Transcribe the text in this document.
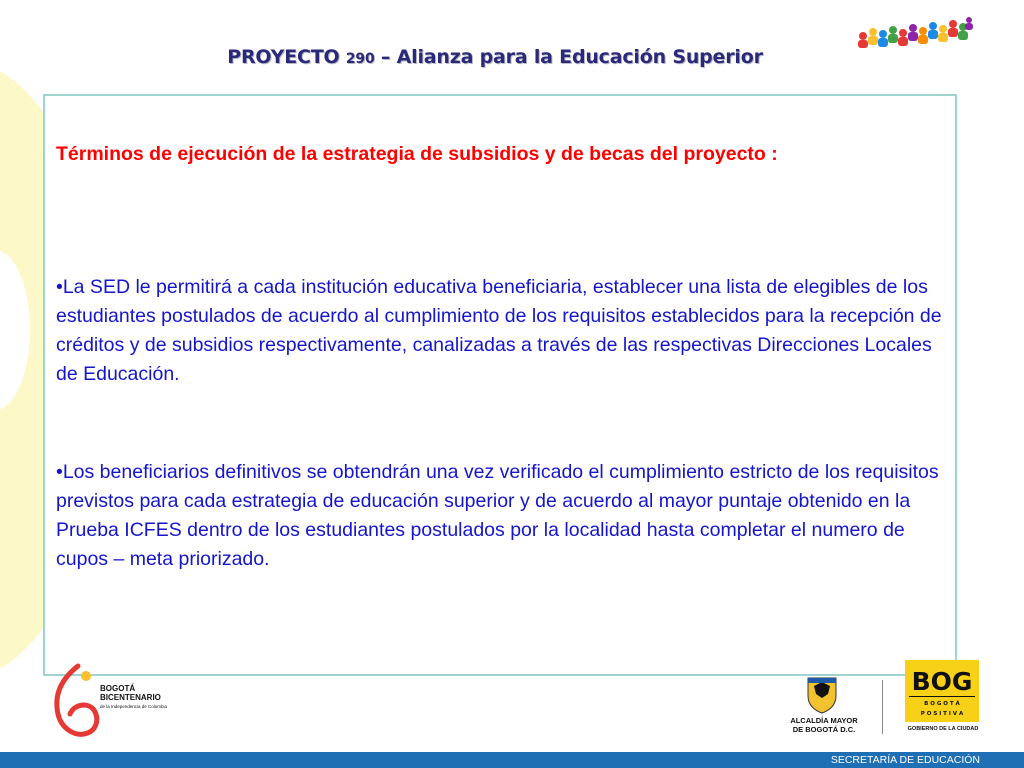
PROYECTO 290 – Alianza para la Educación Superior
Términos de ejecución de la estrategia de subsidios y de becas del proyecto :
•La SED le permitirá a cada institución educativa beneficiaria, establecer una lista de elegibles de los estudiantes postulados de acuerdo al cumplimiento de los requisitos establecidos para la recepción de créditos y de subsidios respectivamente, canalizadas a través de las respectivas Direcciones Locales de Educación.
•Los beneficiarios definitivos se obtendrán una vez verificado el cumplimiento estricto de los requisitos previstos para cada estrategia de educación superior y de acuerdo al mayor puntaje obtenido en la Prueba ICFES dentro de los estudiantes postulados por la localidad hasta completar el numero de cupos – meta priorizado.
BOGOTÁ
BICENTENARIO
de la Independencia de Colombia
ALCALDÍA MAYOR
DE BOGOTÁ D.C.
BOG
B O G O T Á
P O S I T I V A
GOBIERNO DE LA CIUDAD
SECRETARÍA DE EDUCACIÓN
